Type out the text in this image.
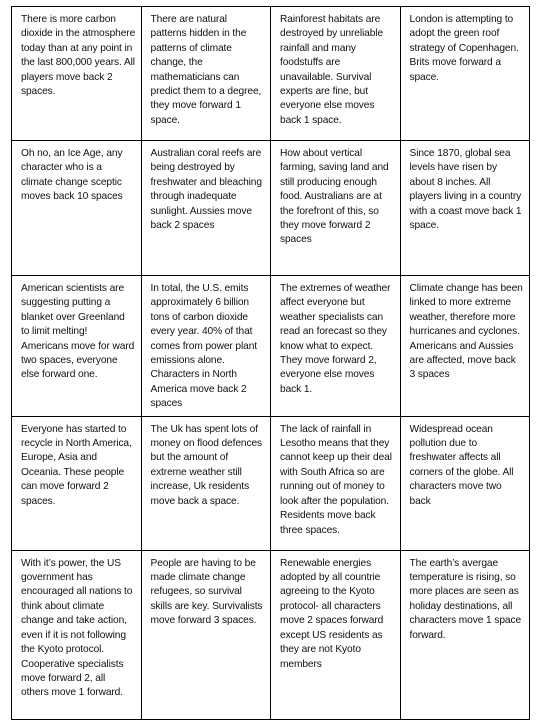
There is more carbon dioxide in the atmosphere today than at any point in the last 800,000 years. All players move back 2 spaces.	There are natural patterns hidden in the patterns of climate change, the mathematicians can predict them to a degree, they move forward 1 space.	Rainforest habitats are destroyed by unreliable rainfall and many foodstuffs are unavailable. Survival experts are fine, but everyone else moves back 1 space.	London is attempting to adopt the green roof strategy of Copenhagen. Brits move forward a space.
Oh no, an Ice Age, any character who is a climate change sceptic moves back 10 spaces	Australian coral reefs are being destroyed by freshwater and bleaching through inadequate sunlight. Aussies move back 2 spaces	How about vertical farming, saving land and still producing enough food. Australians are at the forefront of this, so they move forward 2 spaces	Since 1870, global sea levels have risen by about 8 inches. All players living in a country with a coast move back 1 space.
American scientists are suggesting putting a blanket over Greenland to limit melting! Americans move for ward two spaces, everyone else forward one.	In total, the U.S. emits approximately 6 billion tons of carbon dioxide every year. 40% of that comes from power plant emissions alone. Characters in North America move back 2 spaces	The extremes of weather affect everyone but weather specialists can read an forecast so they know what to expect. They move forward 2, everyone else moves back 1.	Climate change has been linked to more extreme weather, therefore more hurricanes and cyclones. Americans and Aussies are affected, move back 3 spaces
Everyone has started to recycle in North America, Europe, Asia and Oceania. These people can move forward 2 spaces.	The Uk has spent lots of money on flood defences but the amount of extreme weather still increase, Uk residents move back a space.	The lack of rainfall in Lesotho means that they cannot keep up their deal with South Africa so are running out of money to look after the population. Residents move back three spaces.	Widespread ocean pollution due to freshwater affects all corners of the globe. All characters move two back
With it’s power, the US government has encouraged all nations to think about climate change and take action, even if it is not following the Kyoto protocol. Cooperative specialists move forward 2, all others move 1 forward.	People are having to be made climate change refugees, so survival skills are key. Survivalists move forward 3 spaces.	Renewable energies adopted by all countrie agreeing to the Kyoto protocol- all characters move 2 spaces forward except US residents as they are not Kyoto members	The earth’s avergae temperature is rising, so more places are seen as holiday destinations, all characters move 1 space forward.
